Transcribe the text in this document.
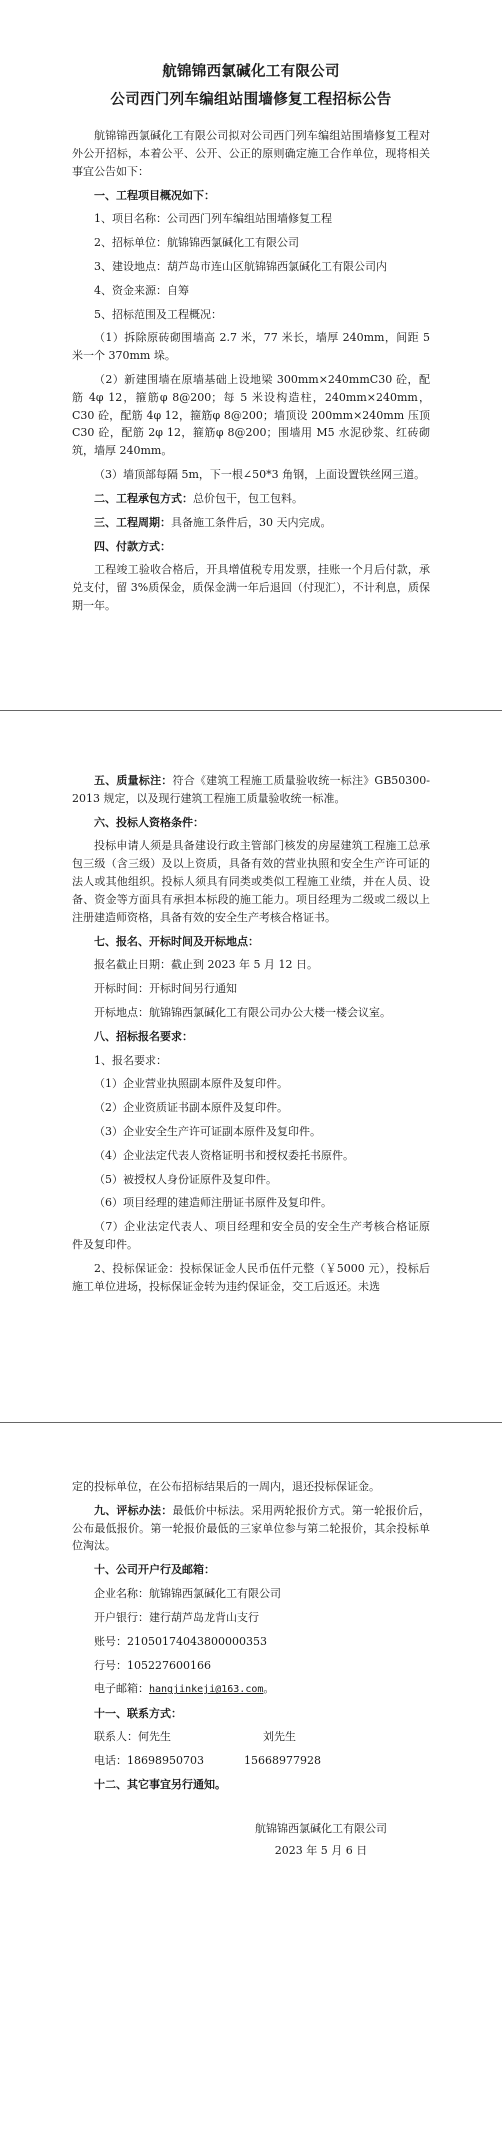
航锦锦西氯碱化工有限公司
公司西门列车编组站围墙修复工程招标公告

航锦锦西氯碱化工有限公司拟对公司西门列车编组站围墙修复工程对外公开招标，本着公平、公开、公正的原则确定施工合作单位，现将相关事宜公告如下：

一、工程项目概况如下：

1、项目名称：公司西门列车编组站围墙修复工程

2、招标单位：航锦锦西氯碱化工有限公司

3、建设地点：葫芦岛市连山区航锦锦西氯碱化工有限公司内

4、资金来源：自筹

5、招标范围及工程概况：

（1）拆除原砖砌围墙高 2.7 米，77 米长，墙厚 240mm，间距 5 米一个 370mm 垛。

（2）新建围墙在原墙基础上设地梁 300mm×240mmC30 砼，配筋 4φ 12，箍筋φ 8@200；每 5 米设构造柱，240mm×240mm，C30 砼，配筋 4φ 12，箍筋φ 8@200；墙顶设 200mm×240mm 压顶 C30 砼，配筋 2φ 12，箍筋φ 8@200；围墙用 M5 水泥砂浆、红砖砌筑，墙厚 240mm。

（3）墙顶部每隔 5m，下一根∠50*3 角钢，上面设置铁丝网三道。

二、工程承包方式：总价包干，包工包料。

三、工程周期：具备施工条件后，30 天内完成。

四、付款方式：

工程竣工验收合格后，开具增值税专用发票，挂账一个月后付款，承兑支付，留 3%质保金，质保金满一年后退回（付现汇），不计利息，质保期一年。

五、质量标注：符合《建筑工程施工质量验收统一标注》GB50300-2013 规定，以及现行建筑工程施工质量验收统一标准。

六、投标人资格条件：

投标申请人须是具备建设行政主管部门核发的房屋建筑工程施工总承包三级（含三级）及以上资质，具备有效的营业执照和安全生产许可证的法人或其他组织。投标人须具有同类或类似工程施工业绩，并在人员、设备、资金等方面具有承担本标段的施工能力。项目经理为二级或二级以上注册建造师资格，具备有效的安全生产考核合格证书。

七、报名、开标时间及开标地点：

报名截止日期：截止到 2023 年 5 月 12 日。

开标时间：开标时间另行通知

开标地点：航锦锦西氯碱化工有限公司办公大楼一楼会议室。

八、招标报名要求：

1、报名要求：

（1）企业营业执照副本原件及复印件。

（2）企业资质证书副本原件及复印件。

（3）企业安全生产许可证副本原件及复印件。

（4）企业法定代表人资格证明书和授权委托书原件。

（5）被授权人身份证原件及复印件。

（6）项目经理的建造师注册证书原件及复印件。

（7）企业法定代表人、项目经理和安全员的安全生产考核合格证原件及复印件。

2、投标保证金：投标保证金人民币伍仟元整（￥5000 元），投标后施工单位进场，投标保证金转为违约保证金，交工后返还。未选

定的投标单位，在公布招标结果后的一周内，退还投标保证金。

九、评标办法：最低价中标法。采用两轮报价方式。第一轮报价后，公布最低报价。第一轮报价最低的三家单位参与第二轮报价，其余投标单位淘汰。

十、公司开户行及邮箱：

企业名称：航锦锦西氯碱化工有限公司

开户银行：建行葫芦岛龙背山支行

账号：21050174043800000353

行号：105227600166

电子邮箱：hangjinkeji@163.com。

十一、联系方式：

联系人：何先生	刘先生

电话：18698950703	15668977928

十二、其它事宜另行通知。

航锦锦西氯碱化工有限公司
2023 年 5 月 6 日
